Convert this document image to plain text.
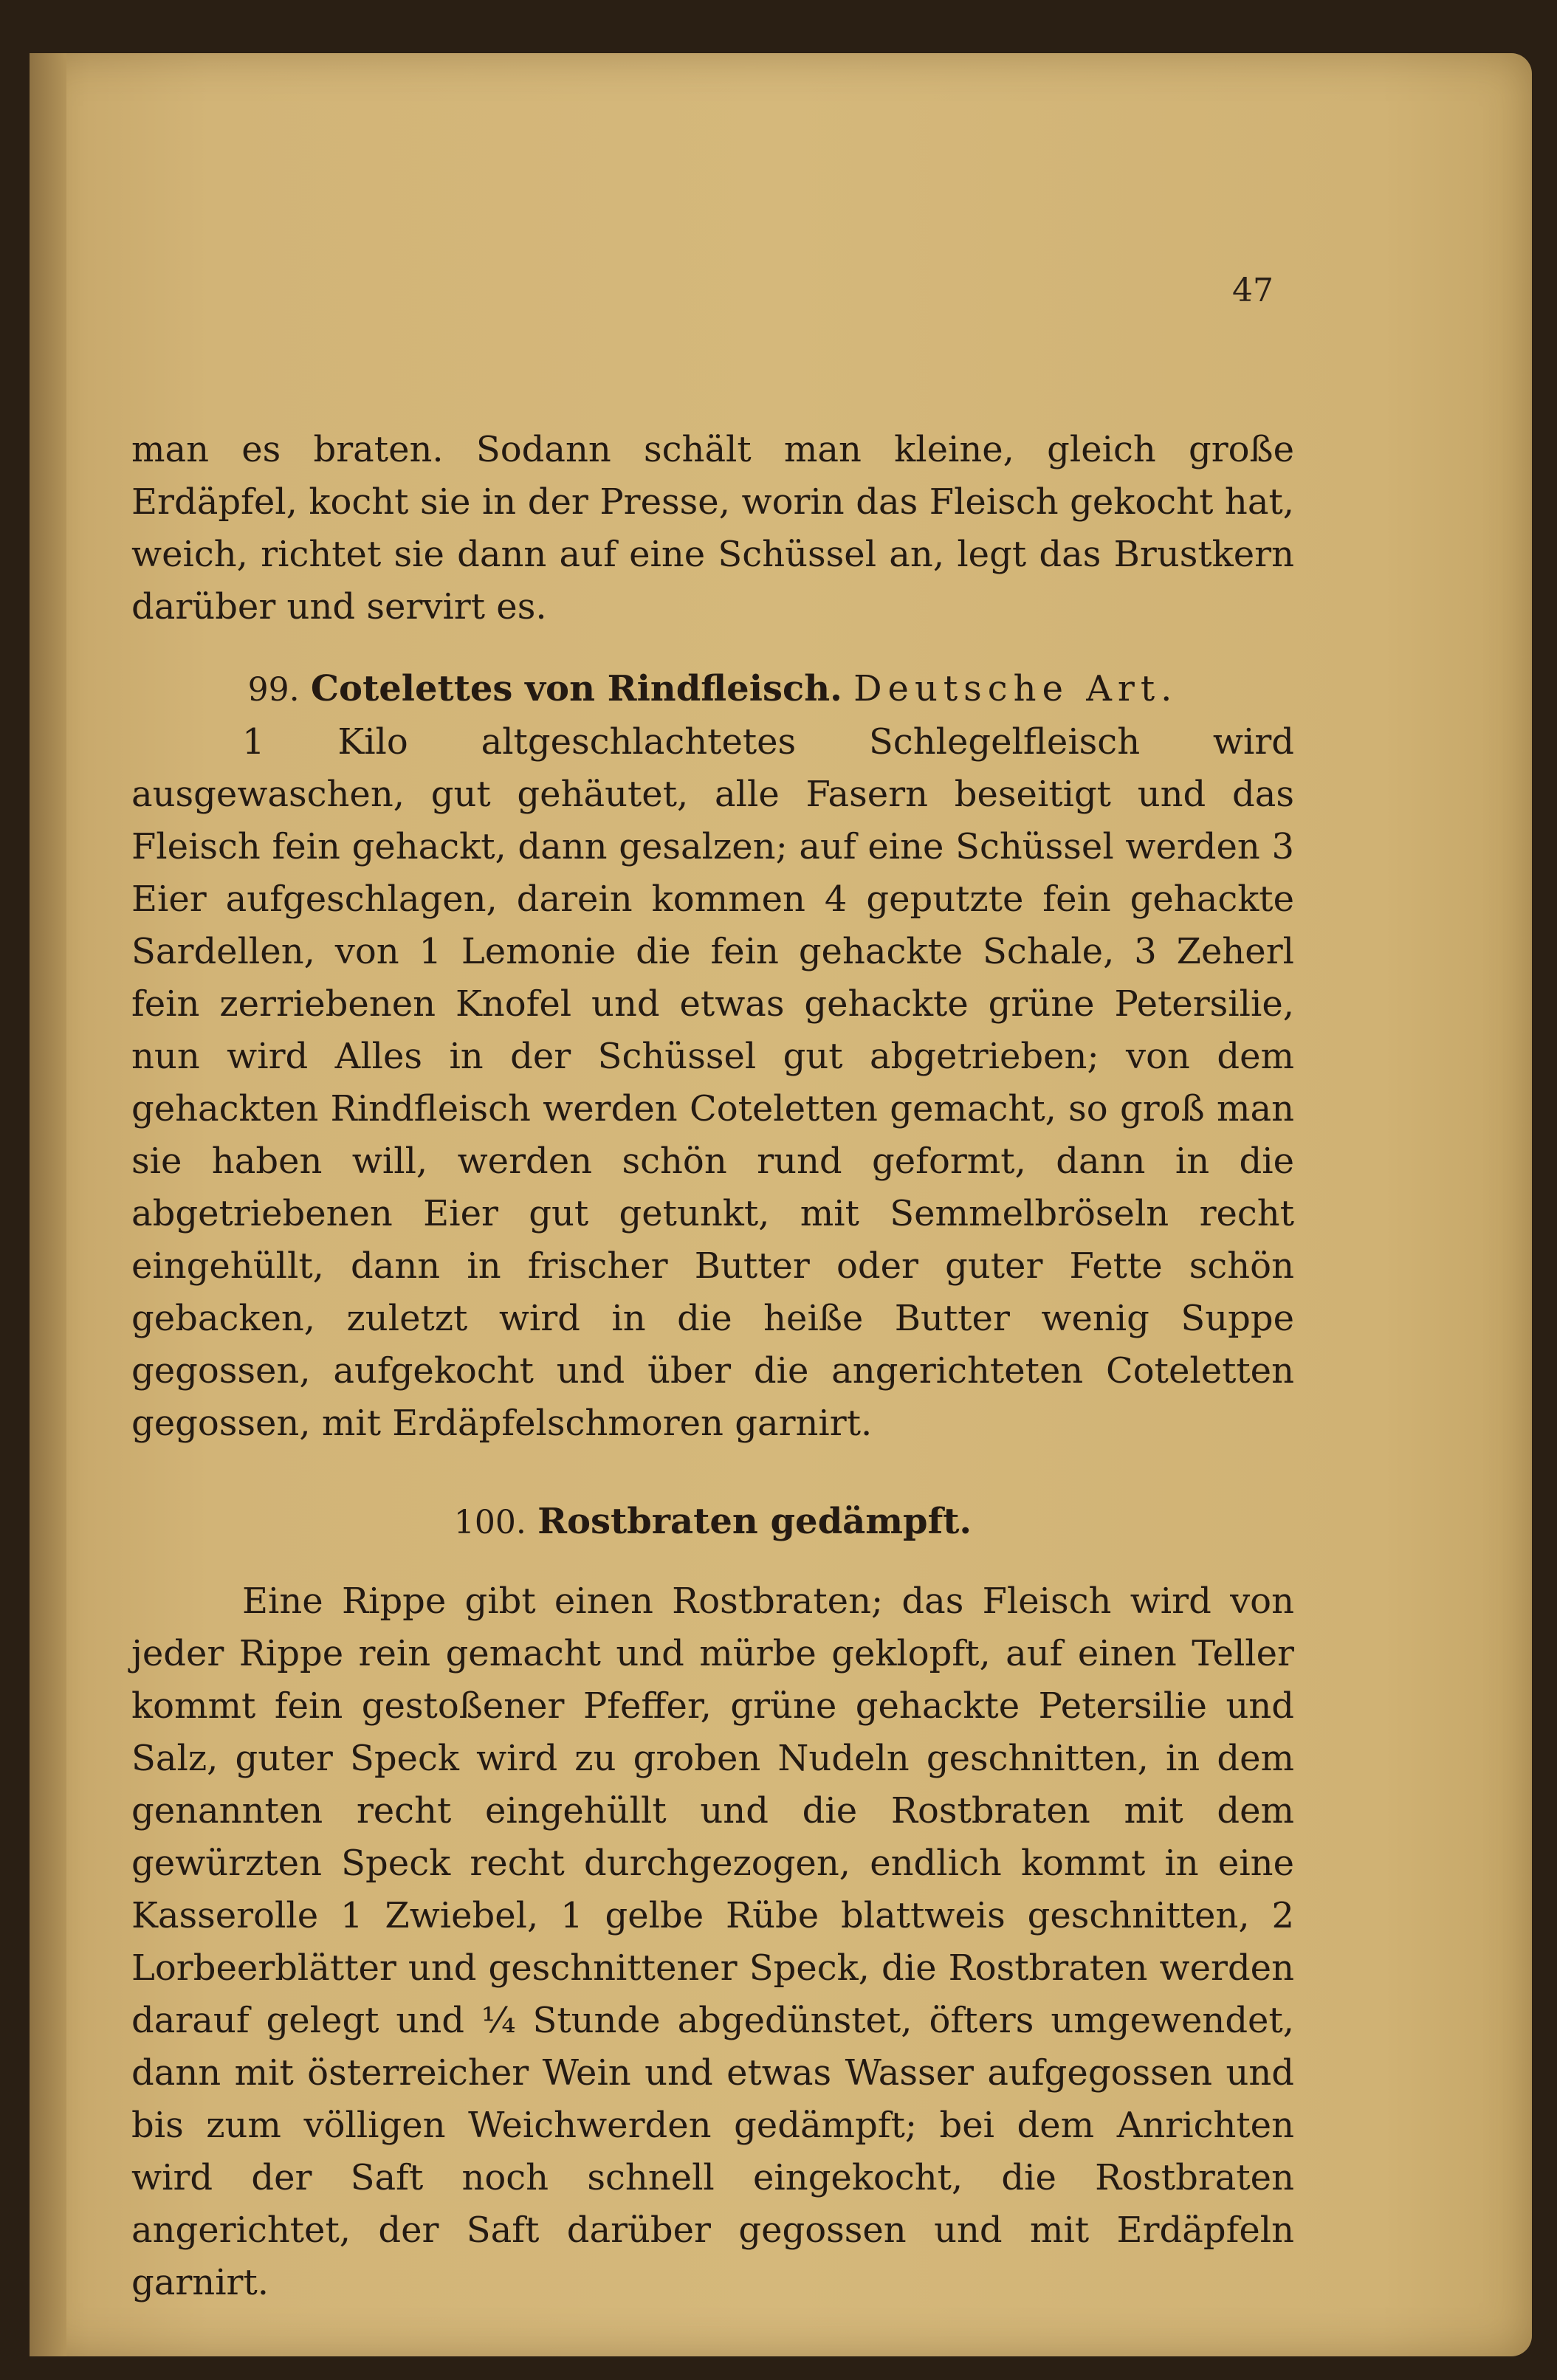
47

man es braten. Sodann schält man kleine, gleich große Erdäpfel, kocht sie in der Presse, worin das Fleisch gekocht hat, weich, richtet sie dann auf eine Schüssel an, legt das Brustkern darüber und servirt es.

99. Cotelettes von Rindfleisch. Deutsche Art.

1 Kilo altgeschlachtetes Schlegelfleisch wird ausgewaschen, gut gehäutet, alle Fasern beseitigt und das Fleisch fein gehackt, dann gesalzen; auf eine Schüssel werden 3 Eier aufgeschlagen, darein kommen 4 geputzte fein gehackte Sardellen, von 1 Lemonie die fein gehackte Schale, 3 Zeherl fein zerriebenen Knofel und etwas gehackte grüne Petersilie, nun wird Alles in der Schüssel gut abgetrieben; von dem gehackten Rindfleisch werden Coteletten gemacht, so groß man sie haben will, werden schön rund geformt, dann in die abgetriebenen Eier gut getunkt, mit Semmelbröseln recht eingehüllt, dann in frischer Butter oder guter Fette schön gebacken, zuletzt wird in die heiße Butter wenig Suppe gegossen, aufgekocht und über die angerichteten Coteletten gegossen, mit Erdäpfelschmoren garnirt.

100. Rostbraten gedämpft.

Eine Rippe gibt einen Rostbraten; das Fleisch wird von jeder Rippe rein gemacht und mürbe geklopft, auf einen Teller kommt fein gestoßener Pfeffer, grüne gehackte Petersilie und Salz, guter Speck wird zu groben Nudeln geschnitten, in dem genannten recht eingehüllt und die Rostbraten mit dem gewürzten Speck recht durchgezogen, endlich kommt in eine Kasserolle 1 Zwiebel, 1 gelbe Rübe blattweis geschnitten, 2 Lorbeerblätter und geschnittener Speck, die Rostbraten werden darauf gelegt und ¼ Stunde abgedünstet, öfters umgewendet, dann mit österreicher Wein und etwas Wasser aufgegossen und bis zum völligen Weichwerden gedämpft; bei dem Anrichten wird der Saft noch schnell eingekocht, die Rostbraten angerichtet, der Saft darüber gegossen und mit Erdäpfeln garnirt.
